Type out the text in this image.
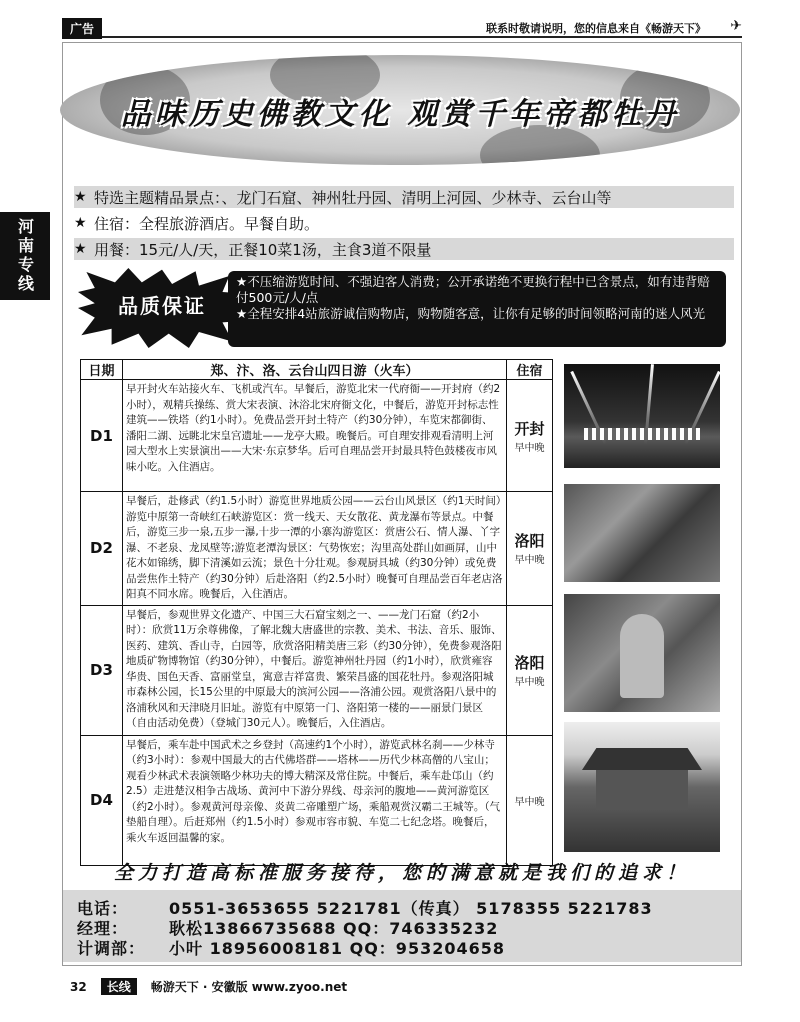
广告	联系时敬请说明，您的信息来自《畅游天下》 ✈
河南专线
品味历史佛教文化 观赏千年帝都牡丹
★ 特选主题精品景点：、龙门石窟、神州牡丹园、清明上河园、少林寺、云台山等
★ 住宿：全程旅游酒店。早餐自助。
★ 用餐：15元/人/天，正餐10菜1汤，主食3道不限量
品质保证

★不压缩游览时间、不强迫客人消费；公开承诺绝不更换行程中已含景点，如有违背赔付500元/人/点

★全程安排4站旅游诚信购物店，购物随客意，让你有足够的时间领略河南的迷人风光

日期	郑、汴、洛、云台山四日游（火车）	住宿
D1	早开封火车站接火车、飞机或汽车。早餐后，游览北宋一代府衙——开封府（约2小时），观精兵操练、赏大宋表演、沐浴北宋府衙文化，中餐后，游览开封标志性建筑——铁塔（约1小时）。免费品尝开封土特产（约30分钟），车览宋都御街、潘阳二湖、远眺北宋皇宫遗址——龙亭大殿。晚餐后。可自理安排观看清明上河园大型水上实景演出——大宋·东京梦华。后可自理品尝开封最具特色鼓楼夜市风味小吃。入住酒店。	开封
早中晚

D2	早餐后，赴修武（约1.5小时）游览世界地质公园——云台山风景区（约1天时间）游览中原第一奇峡红石峡游览区：赏一线天、天女散花、黄龙瀑布等景点。中餐后，游览三步一泉,五步一瀑,十步一潭的小寨沟游览区：赏唐公石、情人瀑、丫字瀑、不老泉、龙凤壁等;游览老潭沟景区：气势恢宏；沟里高处群山如画屏，山中花木如锦绣，脚下清溪如云流；景色十分壮观。参观厨具城（约30分钟）或免费品尝焦作土特产（约30分钟）后赴洛阳（约2.5小时）晚餐可自理品尝百年老店洛阳真不同水席。晚餐后，入住酒店。	洛阳
早中晚

D3	早餐后，参观世界文化遗产、中国三大石窟宝刻之一、——龙门石窟（约2小时）：欣赏11万余尊佛像，了解北魏大唐盛世的宗教、美术、书法、音乐、服饰、医药、建筑、香山寺，白园等，欣赏洛阳精美唐三彩（约30分钟），免费参观洛阳地质矿物博物馆（约30分钟），中餐后。游览神州牡丹园（约1小时），欣赏雍容华贵、国色天香、富丽堂皇，寓意吉祥富贵、繁荣昌盛的国花牡丹。参观洛阳城市森林公园，长15公里的中原最大的滨河公园——洛浦公园。观赏洛阳八景中的洛浦秋风和天津晓月旧址。游览有中原第一门、洛阳第一楼的——丽景门景区（自由活动免费）（登城门30元人）。晚餐后，入住酒店。	洛阳
早中晚

D4	早餐后，乘车赴中国武术之乡登封（高速约1个小时），游览武林名刹——少林寺（约3小时）：参观中国最大的古代佛塔群——塔林——历代少林高僧的八宝山；观看少林武术表演领略少林功夫的博大精深及常住院。中餐后，乘车赴邙山（约2.5）走进楚汉相争古战场、黄河中下游分界线、母亲河的腹地——黄河游览区（约2小时）。参观黄河母亲像、炎黄二帝雕塑广场，乘船观赏汉霸二王城等。（气垫船自理）。后赶郑州（约1.5小时）参观市容市貌、车览二七纪念塔。晚餐后，乘火车返回温馨的家。	早中晚
全力打造高标准服务接待，您的满意就是我们的追求！
电话：	0551-3653655 5221781（传真） 5178355 5221783
经理：	耿松13866735688 QQ：746335232
计调部：	小叶 18956008181 QQ：953204658
32	长线	畅游天下 · 安徽版 www.zyoo.net
